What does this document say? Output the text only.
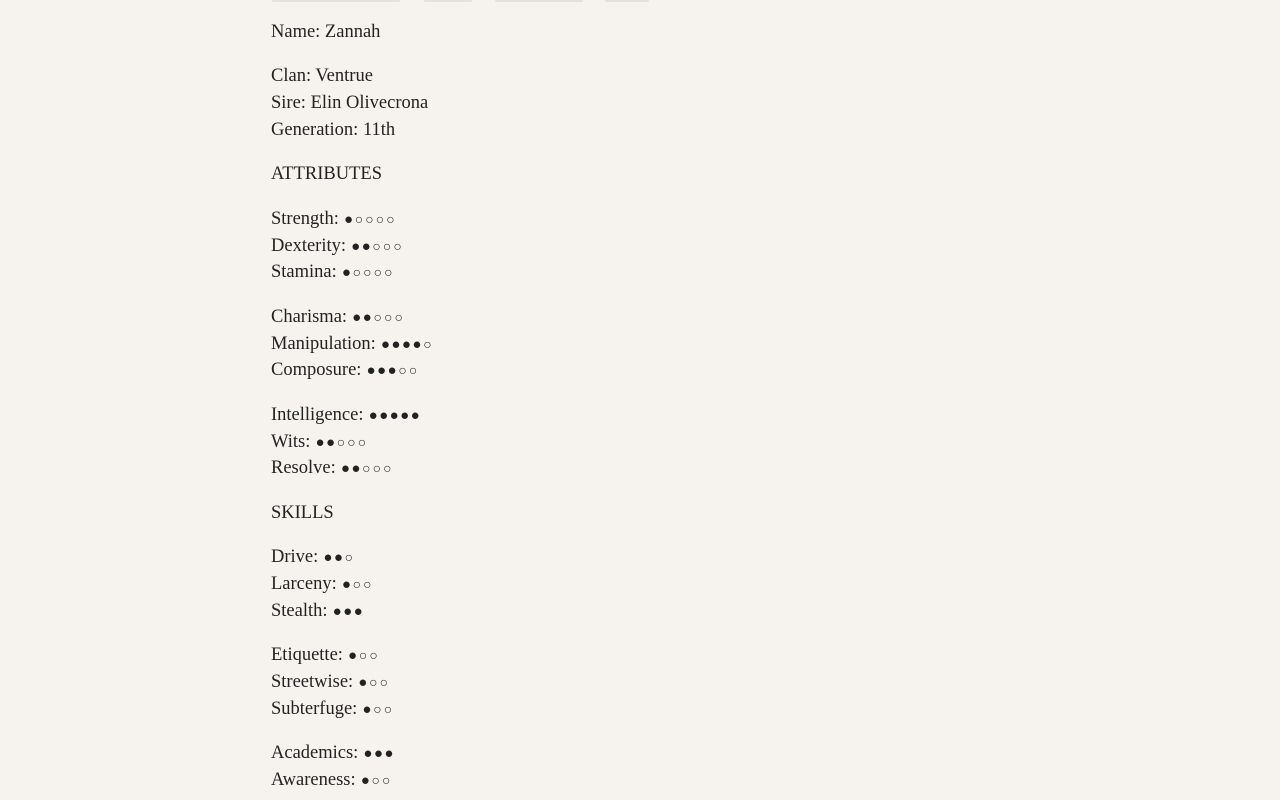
Name: Zannah
Clan: Ventrue
Sire: Elin Olivecrona
Generation: 11th
ATTRIBUTES
Strength: ●○ ○ ○ ○
Dexterity: ●●○ ○ ○
Stamina: ●○ ○ ○ ○
Charisma: ●●○ ○ ○
Manipulation: ●●●●○
Composure: ●●●○ ○
Intelligence: ●●●●●
Wits: ●●○ ○ ○
Resolve: ●●○ ○ ○
SKILLS
Drive: ●●○
Larceny: ●○ ○
Stealth: ●●●
Etiquette: ●○ ○
Streetwise: ●○ ○
Subterfuge: ●○ ○
Academics: ●●●
Awareness: ●○ ○
